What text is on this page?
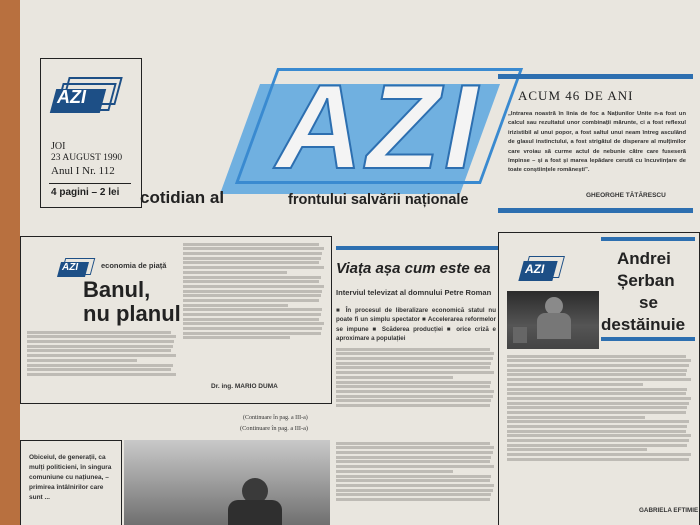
AZI
JOI
23 AUGUST 1990
Anul I Nr. 112
4 pagini – 2 lei AZI
cotidian al	frontului salvării naționale
ACUM 46 DE ANI
„Intrarea noastră în linia de foc a Națiunilor Unite n-a fost un calcul sau rezultatul unor combinații mărunte, ci a fost reflexul irizistibil al unui popor, a fost saltul unui neam întreg asculând de glasul instinctului, a fost strigătul de disperare al mulțimilor care vroiau să curme actul de nebunie către care fuseseră împinse – și a fost și marea lepădare cerută cu încuviințare de toate conștiințele românești”.
GHEORGHE TĂTĂRESCU
AZI	economia de piață
Banul,
nu planul
Dr. ing. MARIO DUMA
(Continuare în pag. a III-a)
(Continuare în pag. a III-a)
Viața așa cum este ea
Interviul televizat al domnului Petre Roman
■ În procesul de liberalizare economică statul nu poate fi un simplu spectator ■ Accelerarea reformelor se impune ■ Scăderea producției ■ orice criză e aproximare a populației
AZI
Andrei
Șerban
se
destăinuie
GABRIELA EFTIMIE
Obiceiul, de generații, ca mulți politicieni, în singura comuniune cu națiunea, – primirea întâlnirilor care sunt ...
